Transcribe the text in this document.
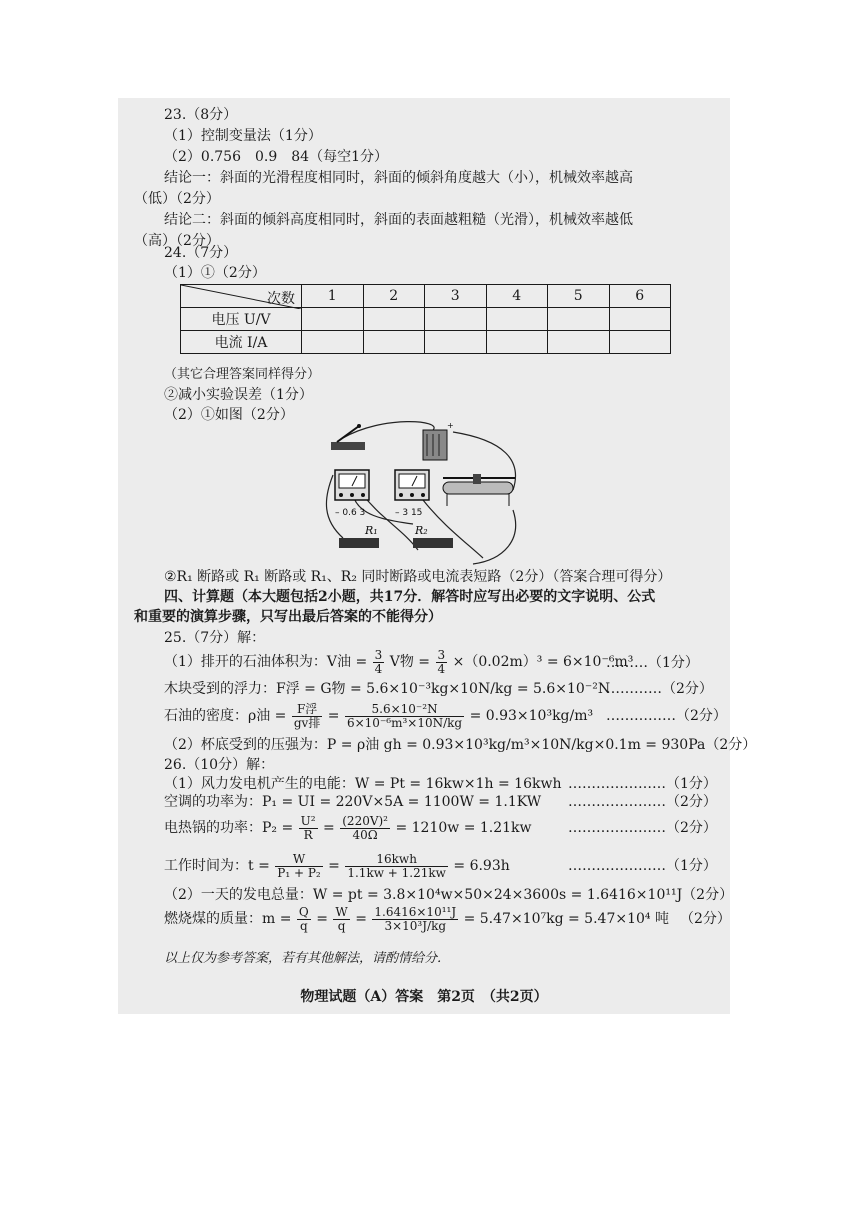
23.（8分）
（1）控制变量法（1分）
（2）0.756　0.9　84（每空1分）
结论一：斜面的光滑程度相同时，斜面的倾斜角度越大（小），机械效率越高
（低）（2分）
结论二：斜面的倾斜高度相同时，斜面的表面越粗糙（光滑），机械效率越低
（高）（2分）
24.（7分）
（1）①（2分）
次数	1	2	3	4	5	6
电压 U/V						
电流 I/A						
（其它合理答案同样得分）
②减小实验误差（1分）
（2）①如图（2分）
+
– 0.6 3	– 3 15
R₁	R₂
②R₁ 断路或 R₁ 断路或 R₁、R₂ 同时断路或电流表短路（2分）（答案合理可得分）
四、计算题（本大题包括2小题，共17分．解答时应写出必要的文字说明、公式
和重要的演算步骤，只写出最后答案的不能得分）
25.（7分）解：
（1）排开的石油体积为：V油 = $\frac{3}{4}$ V物 = $\frac{3}{4} \times(0.02m)^3 = 6\times 10^{-6}m^3$
………（1分）
木块受到的浮力：F浮 = G物 = 5.6×10⁻³kg×10N/kg = 5.6×10⁻²N
…………（2分）
石油的密度：ρ油 = $\frac{\text{F浮}}{\text{gv排}} = \frac{\text{5.6×10⁻²N}}{\text{6×10⁻⁶m³×10N/kg}} = 0.93\times 10^3kg/m^3$ ……………（2分）
（2）杯底受到的压强为：P = ρ油 gh = 0.93×10³kg/m³×10N/kg×0.1m = 930Pa（2分）
26.（10分）解：
（1）风力发电机产生的电能：W = Pt = 16kw×1h = 16kwh …………………（1分）
空调的功率为：P₁ = UI = 220V×5A = 1100W = 1.1KW …………………（2分）
电热锅的功率：$P_2 = \frac{\text{U²}}{R} = \frac{\text{(220V)²}}{40\Omega} = 1210w = 1.21kw$	…………………（2分）
工作时间为：$t = \frac{W}{\text{P₁ + P₂}} = \frac{\text{16kwh}}{1.1kw + 1.21kw} = 6.93h$	…………………（1分）
（2）一天的发电总量：W = pt = 3.8×10⁴w×50×24×3600s = 1.6416×10¹¹J（2分）
燃烧煤的质量：$m = \frac{Q}{q} = \frac{W}{q} = \frac{\text{1.6416×10¹¹J}}{\text{3×10³J/kg}} = 5.47\times 10^7kg = 5.47\times 10^4$ 吨 （2分）
以上仅为参考答案，若有其他解法，请酌情给分．
物理试题（A）答案　第2页　（共2页）
